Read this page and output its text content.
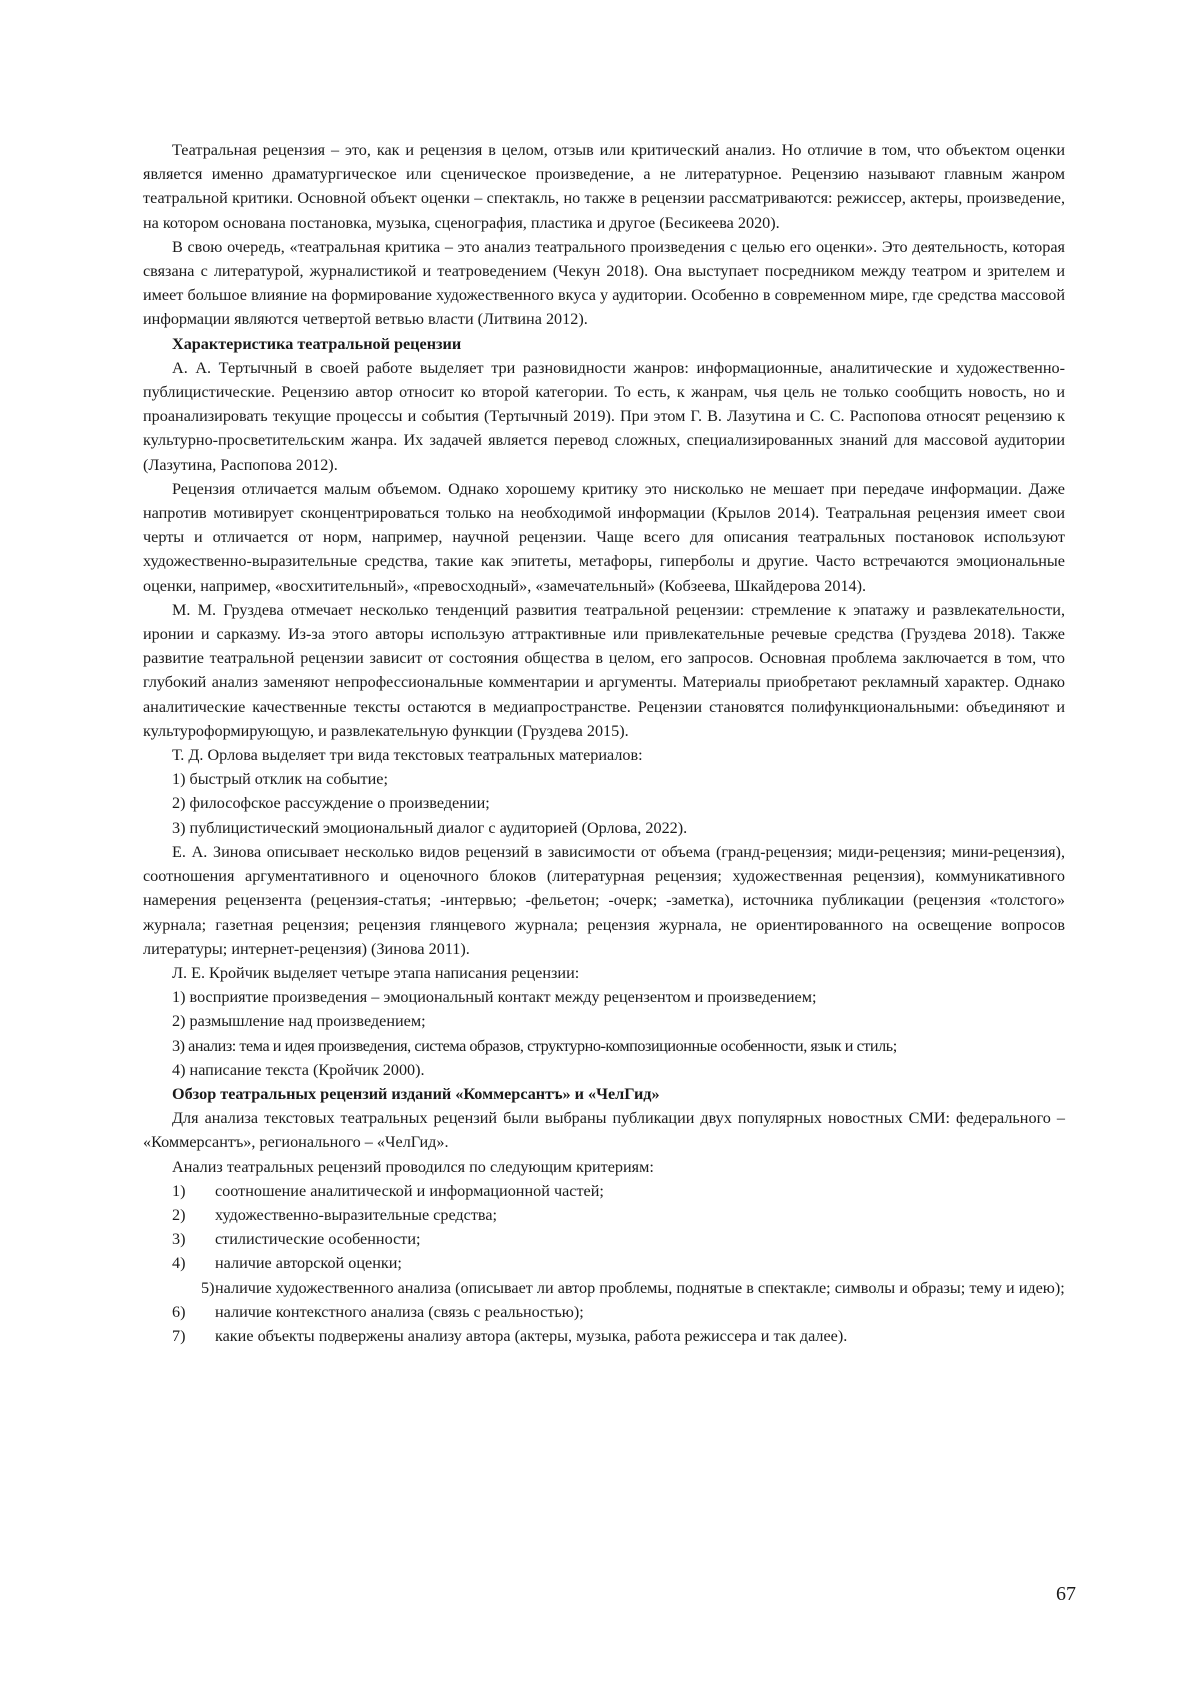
Театральная рецензия – это, как и рецензия в целом, отзыв или критический анализ. Но отличие в том, что объектом оценки является именно драматургическое или сценическое произведение, а не литературное. Рецензию называют главным жанром театральной критики. Основной объект оценки – спектакль, но также в рецензии рассматриваются: режиссер, актеры, произведение, на котором основана постановка, музыка, сценография, пластика и другое (Бесикеева 2020).

В свою очередь, «театральная критика – это анализ театрального произведения с целью его оценки». Это деятельность, которая связана с литературой, журналистикой и театроведением (Чекун 2018). Она выступает посредником между театром и зрителем и имеет большое влияние на формирование художественного вкуса у аудитории. Особенно в современном мире, где средства массовой информации являются четвертой ветвью власти (Литвина 2012).

Характеристика театральной рецензии

А. А. Тертычный в своей работе выделяет три разновидности жанров: информационные, аналитические и художественно-публицистические. Рецензию автор относит ко второй категории. То есть, к жанрам, чья цель не только сообщить новость, но и проанализировать текущие процессы и события (Тертычный 2019). При этом Г. В. Лазутина и С. С. Распопова относят рецензию к культурно-просветительским жанра. Их задачей является перевод сложных, специализированных знаний для массовой аудитории (Лазутина, Распопова 2012).

Рецензия отличается малым объемом. Однако хорошему критику это нисколько не мешает при передаче информации. Даже напротив мотивирует сконцентрироваться только на необходимой информации (Крылов 2014). Театральная рецензия имеет свои черты и отличается от норм, например, научной рецензии. Чаще всего для описания театральных постановок используют художественно-выразительные средства, такие как эпитеты, метафоры, гиперболы и другие. Часто встречаются эмоциональные оценки, например, «восхитительный», «превосходный», «замечательный» (Кобзеева, Шкайдерова 2014).

М. М. Груздева отмечает несколько тенденций развития театральной рецензии: стремление к эпатажу и развлекательности, иронии и сарказму. Из-за этого авторы использую аттрактивные или привлекательные речевые средства (Груздева 2018). Также развитие театральной рецензии зависит от состояния общества в целом, его запросов. Основная проблема заключается в том, что глубокий анализ заменяют непрофессиональные комментарии и аргументы. Материалы приобретают рекламный характер. Однако аналитические качественные тексты остаются в медиапространстве. Рецензии становятся полифункциональными: объединяют и культуроформирующую, и развлекательную функции (Груздева 2015).

Т. Д. Орлова выделяет три вида текстовых театральных материалов:

1) быстрый отклик на событие;

2) философское рассуждение о произведении;

3) публицистический эмоциональный диалог с аудиторией (Орлова, 2022).

Е. А. Зинова описывает несколько видов рецензий в зависимости от объема (гранд-рецензия; миди-рецензия; мини-рецензия), соотношения аргументативного и оценочного блоков (литературная рецензия; художественная рецензия), коммуникативного намерения рецензента (рецензия-статья; -интервью; -фельетон; -очерк; -заметка), источника публикации (рецензия «толстого» журнала; газетная рецензия; рецензия глянцевого журнала; рецензия журнала, не ориентированного на освещение вопросов литературы; интернет-рецензия) (Зинова 2011).

Л. Е. Кройчик выделяет четыре этапа написания рецензии:

1) восприятие произведения – эмоциональный контакт между рецензентом и произведением;

2) размышление над произведением;

3) анализ: тема и идея произведения, система образов, структурно-композиционные особенности, язык и стиль;

4) написание текста (Кройчик 2000).

Обзор театральных рецензий изданий «Коммерсантъ» и «ЧелГид»

Для анализа текстовых театральных рецензий были выбраны публикации двух популярных новостных СМИ: федерального – «Коммерсантъ», регионального – «ЧелГид».

Анализ театральных рецензий проводился по следующим критериям:

1) соотношение аналитической и информационной частей;

2) художественно-выразительные средства;

3) стилистические особенности;

4) наличие авторской оценки;

5)наличие художественного анализа (описывает ли автор проблемы, поднятые в спектакле; символы и образы; тему и идею);

6) наличие контекстного анализа (связь с реальностью);

7) какие объекты подвержены анализу автора (актеры, музыка, работа режиссера и так далее).

67
